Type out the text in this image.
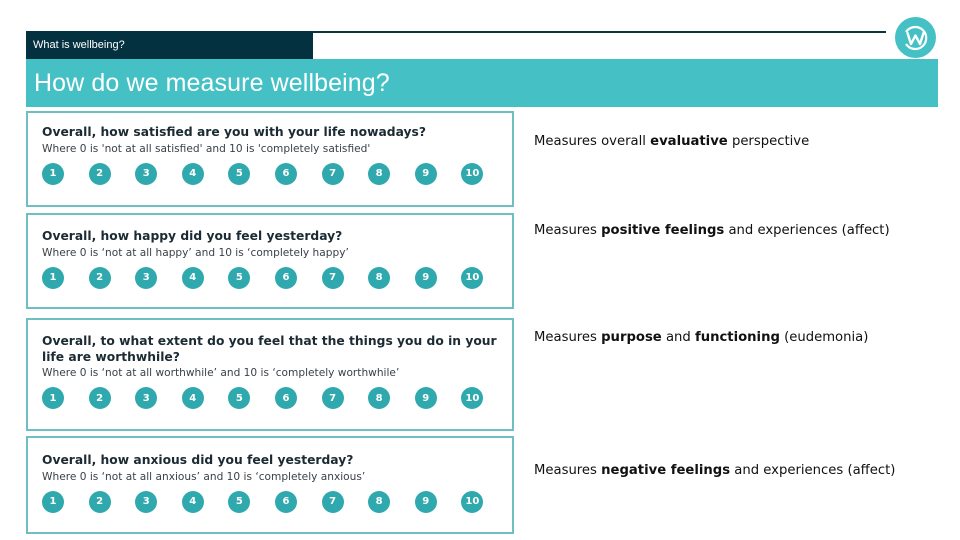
What is wellbeing?
How do we measure wellbeing?
Overall, how satisfied are you with your life nowadays?
Where 0 is 'not at all satisfied' and 10 is 'completely satisfied'
1	2	3	4	5	6	7	8	9	10
Overall, how happy did you feel yesterday?
Where 0 is ‘not at all happy’ and 10 is ‘completely happy’
1	2	3	4	5	6	7	8	9	10
Overall, to what extent do you feel that the things you do in your life are worthwhile?
Where 0 is ‘not at all worthwhile’ and 10 is ‘completely worthwhile’
1	2	3	4	5	6	7	8	9	10
Overall, how anxious did you feel yesterday?
Where 0 is ‘not at all anxious’ and 10 is ‘completely anxious’
1	2	3	4	5	6	7	8	9	10
Measures overall evaluative perspective
Measures positive feelings and experiences (affect)
Measures purpose and functioning (eudemonia)
Measures negative feelings and experiences (affect)
